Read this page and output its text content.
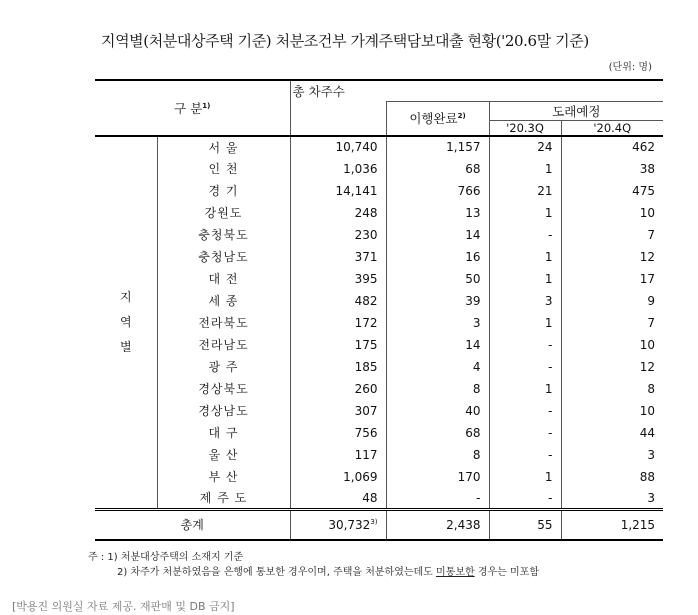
지역별(처분대상주택 기준) 처분조건부 가계주택담보대출 현황('20.6말 기준)
(단위: 명)
구 분$^{1)}$		총 차주수			
			이행완료$^{2)}$	도래예정	
				'20.3Q	'20.4Q

지
역
별	서 울	10,740	1,157	24	462
	인 천	1,036	68	1	38
	경 기	14,141	766	21	475
	강원도	248	13	1	10
	충청북도	230	14	-	7
	충청남도	371	16	1	12
	대 전	395	50	1	17
	세 종	482	39	3	9
	전라북도	172	3	1	7
	전라남도	175	14	-	10
	광 주	185	4	-	12
	경상북도	260	8	1	8
	경상남도	307	40	-	10
	대 구	756	68	-	44
	울 산	117	8	-	3
	부 산	1,069	170	1	88
	제 주 도	48	-	-	3
총계		30,732$^{3)}$	2,438	55	1,215
주 : 1) 처분대상주택의 소재지 기준
2) 차주가 처분하였음을 은행에 통보한 경우이며, 주택을 처분하였는데도 미통보한 경우는 미포함
[박용진 의원실 자료 제공. 재판매 및 DB 금지]
